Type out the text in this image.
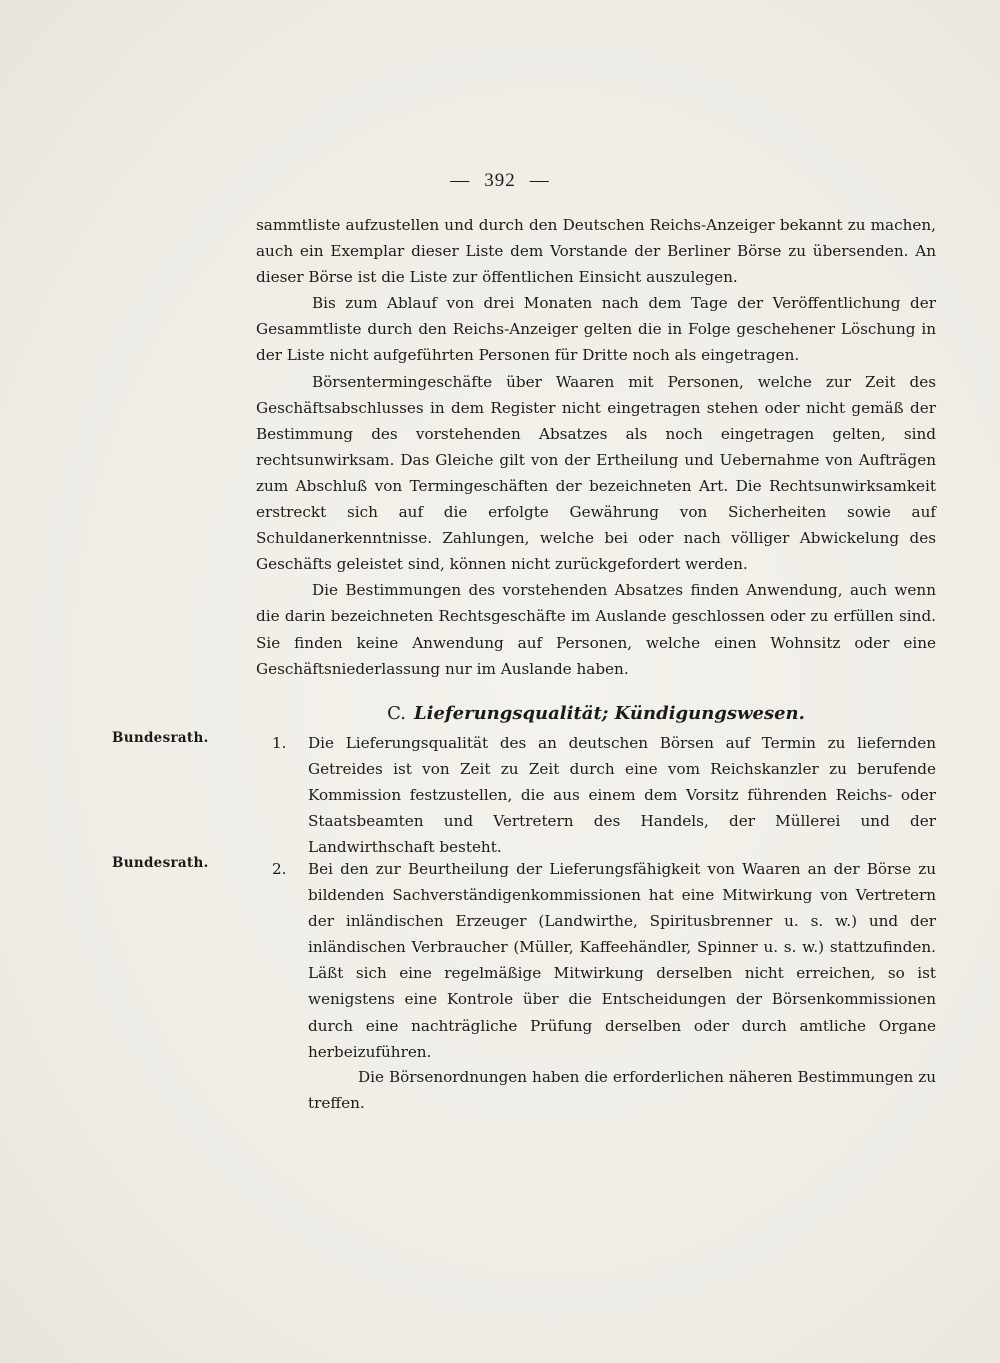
— 392 —

sammtliste aufzustellen und durch den Deutschen Reichs-Anzeiger bekannt zu machen, auch ein Exemplar dieser Liste dem Vorstande der Berliner Börse zu übersenden. An dieser Börse ist die Liste zur öffentlichen Einsicht auszulegen.

Bis zum Ablauf von drei Monaten nach dem Tage der Veröffentlichung der Gesammtliste durch den Reichs-Anzeiger gelten die in Folge geschehener Löschung in der Liste nicht aufgeführten Personen für Dritte noch als eingetragen.

Börsentermingeschäfte über Waaren mit Personen, welche zur Zeit des Geschäftsabschlusses in dem Register nicht eingetragen stehen oder nicht gemäß der Bestimmung des vorstehenden Absatzes als noch eingetragen gelten, sind rechtsunwirksam. Das Gleiche gilt von der Ertheilung und Uebernahme von Aufträgen zum Abschluß von Termingeschäften der bezeichneten Art. Die Rechtsunwirksamkeit erstreckt sich auf die erfolgte Gewährung von Sicherheiten sowie auf Schuldanerkenntnisse. Zahlungen, welche bei oder nach völliger Abwickelung des Geschäfts geleistet sind, können nicht zurückgefordert werden.

Die Bestimmungen des vorstehenden Absatzes finden Anwendung, auch wenn die darin bezeichneten Rechtsgeschäfte im Auslande geschlossen oder zu erfüllen sind. Sie finden keine Anwendung auf Personen, welche einen Wohnsitz oder eine Geschäftsniederlassung nur im Auslande haben.

C. Lieferungsqualität; Kündigungswesen.
Bundesrath.
Bundesrath.
1.	Die Lieferungsqualität des an deutschen Börsen auf Termin zu liefernden Getreides ist von Zeit zu Zeit durch eine vom Reichskanzler zu berufende Kommission festzustellen, die aus einem dem Vorsitz führenden Reichs- oder Staatsbeamten und Vertretern des Handels, der Müllerei und der Landwirthschaft besteht.
2.	Bei den zur Beurtheilung der Lieferungsfähigkeit von Waaren an der Börse zu bildenden Sachverständigenkommissionen hat eine Mitwirkung von Vertretern der inländischen Erzeuger (Landwirthe, Spiritusbrenner u. s. w.) und der inländischen Verbraucher (Müller, Kaffeehändler, Spinner u. s. w.) stattzufinden. Läßt sich eine regelmäßige Mitwirkung derselben nicht erreichen, so ist wenigstens eine Kontrole über die Entscheidungen der Börsenkommissionen durch eine nachträgliche Prüfung derselben oder durch amtliche Organe herbeizuführen.
Die Börsenordnungen haben die erforderlichen näheren Bestimmungen zu treffen.
